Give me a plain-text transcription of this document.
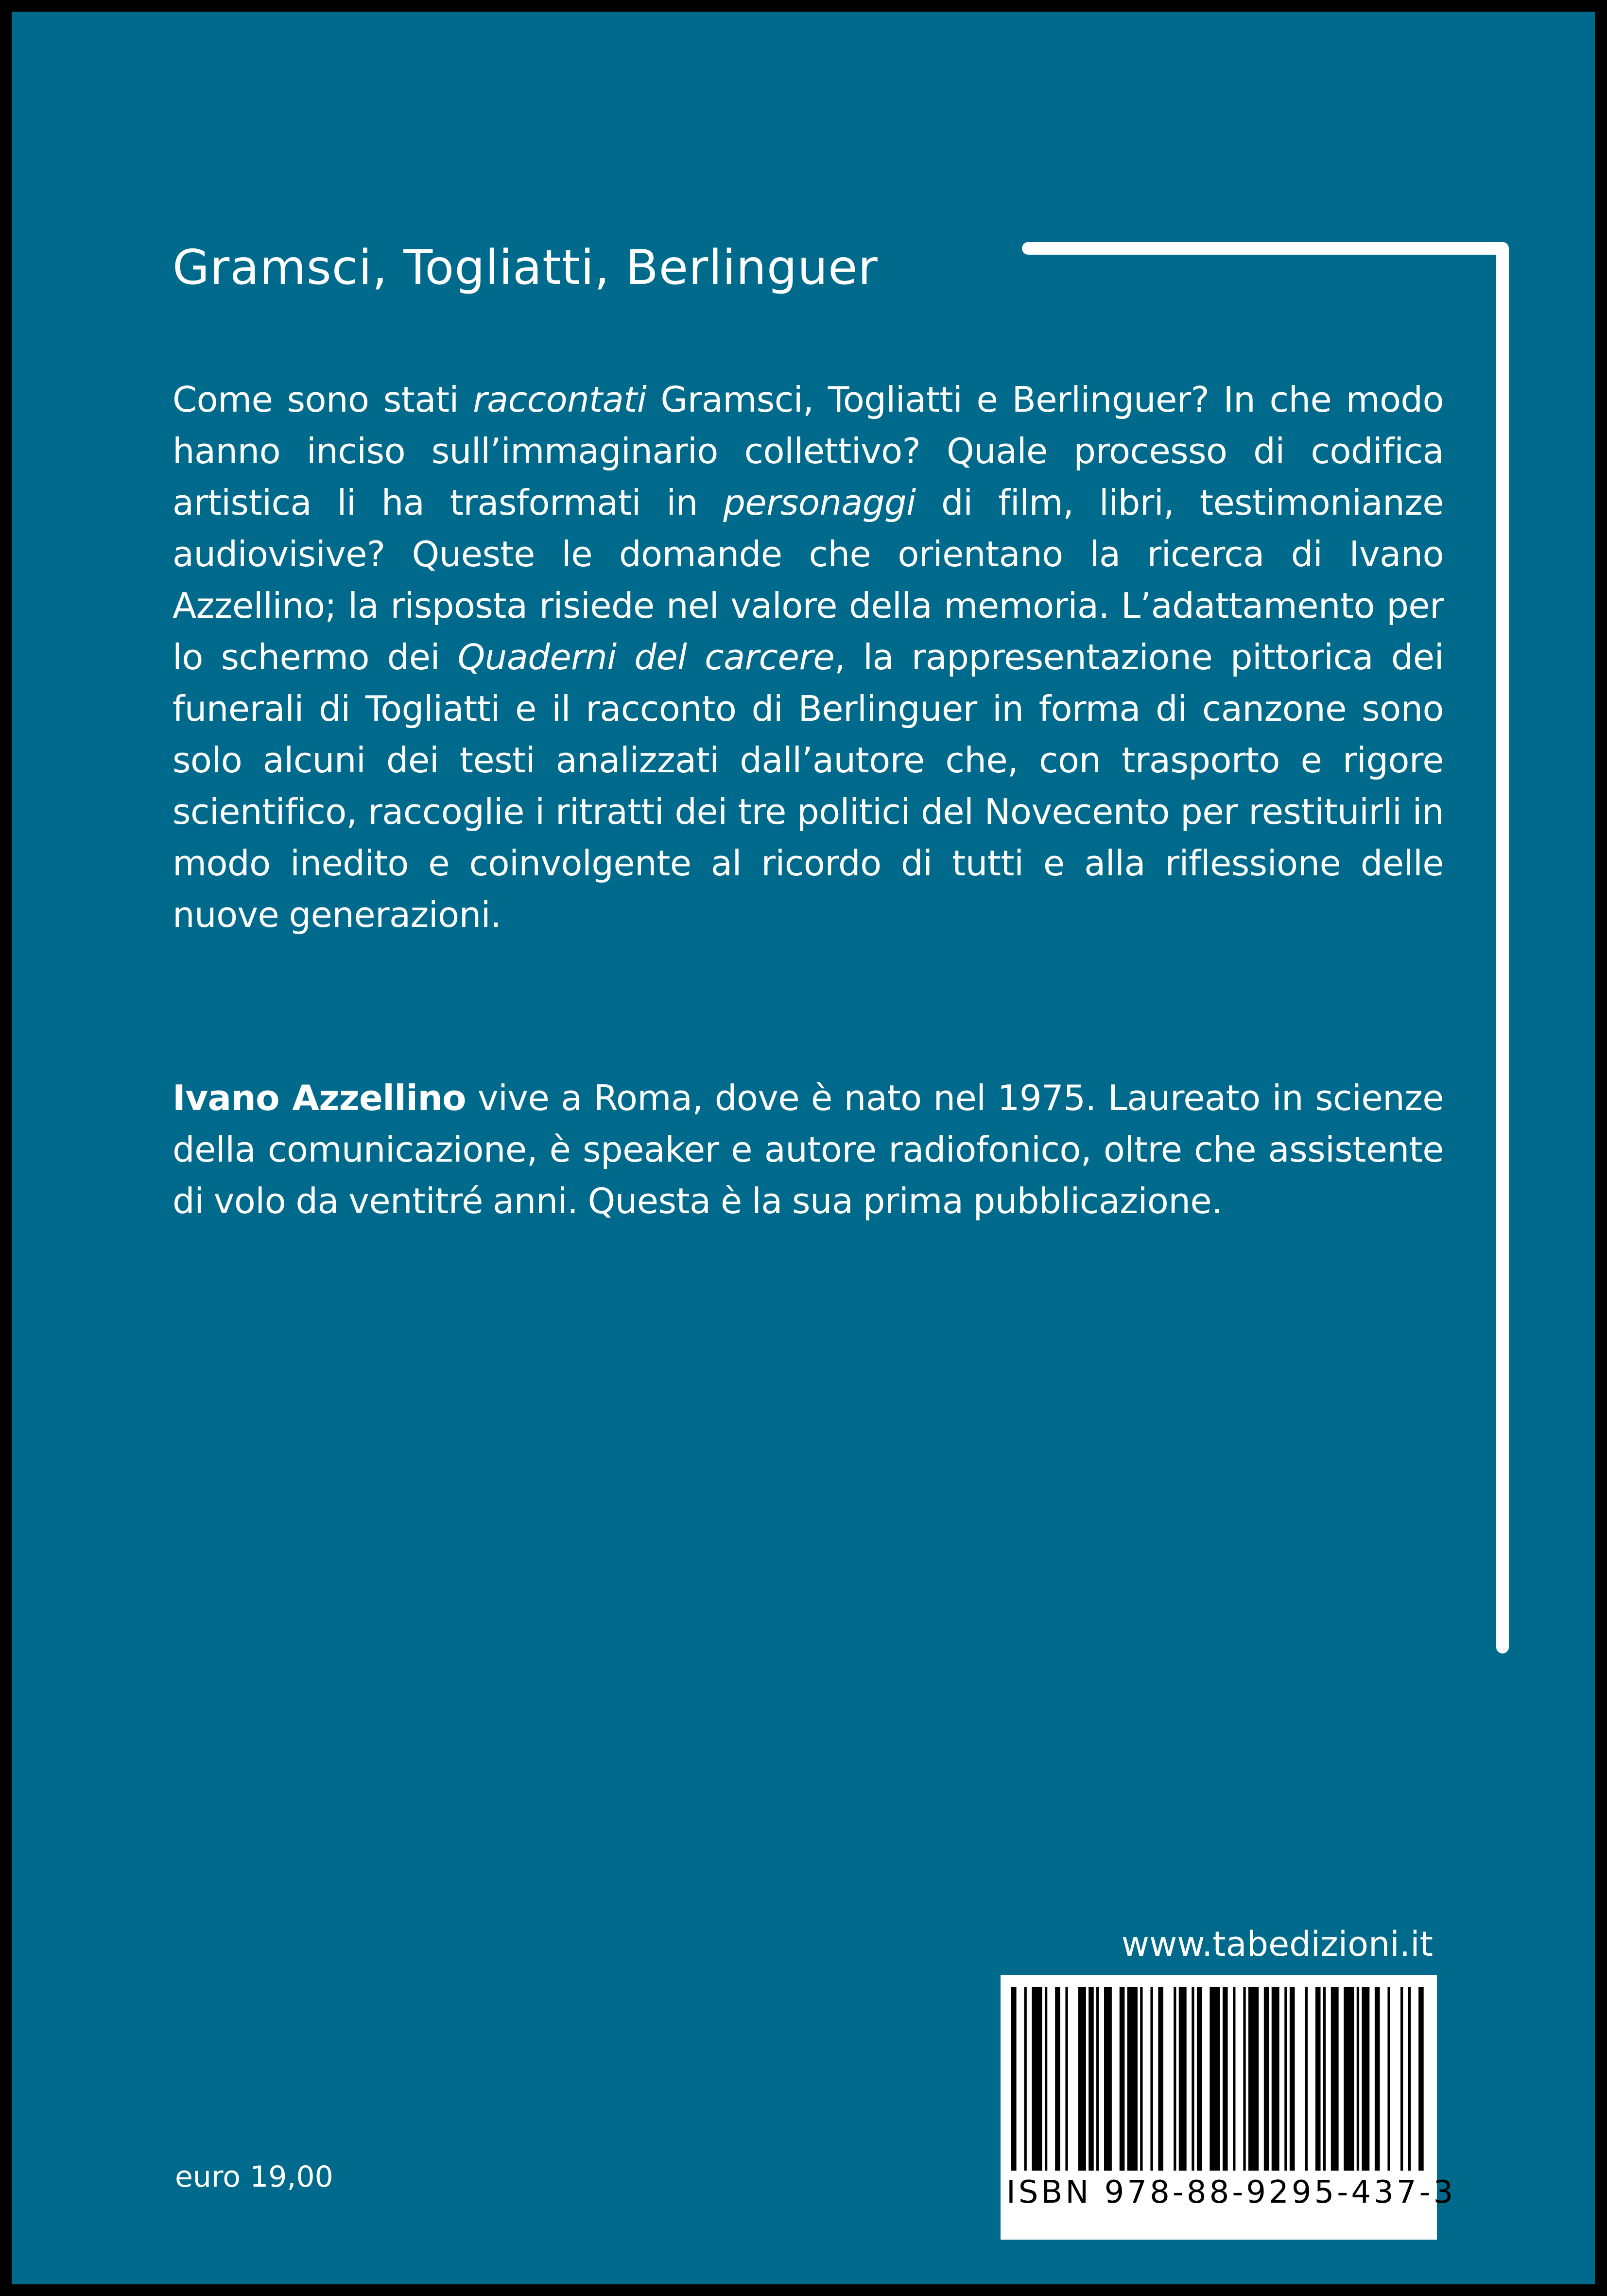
Gramsci, Togliatti, Berlinguer

Come sono stati raccontati Gramsci, Togliatti e Berlinguer? In che modo hanno inciso sull’immaginario collettivo? Quale processo di codifica artistica li ha trasformati in personaggi di film, libri, testimonianze audiovisive? Queste le domande che orientano la ricerca di Ivano Azzellino; la risposta risiede nel valore della memoria. L’adattamento per lo schermo dei Quaderni del carcere, la rappresentazione pittorica dei funerali di Togliatti e il racconto di Berlinguer in forma di canzone sono solo alcuni dei testi analizzati dall’autore che, con trasporto e rigore scientifico, raccoglie i ritratti dei tre politici del Novecento per restituirli in modo inedito e coinvolgente al ricordo di tutti e alla riflessione delle nuove generazioni.

Ivano Azzellino vive a Roma, dove è nato nel 1975. Laureato in scienze della comunicazione, è speaker e autore radiofonico, oltre che assistente di volo da ventitré anni. Questa è la sua prima pubblicazione.

www.tabedizioni.it
ISBN 978-88-9295-437-3
euro 19,00
